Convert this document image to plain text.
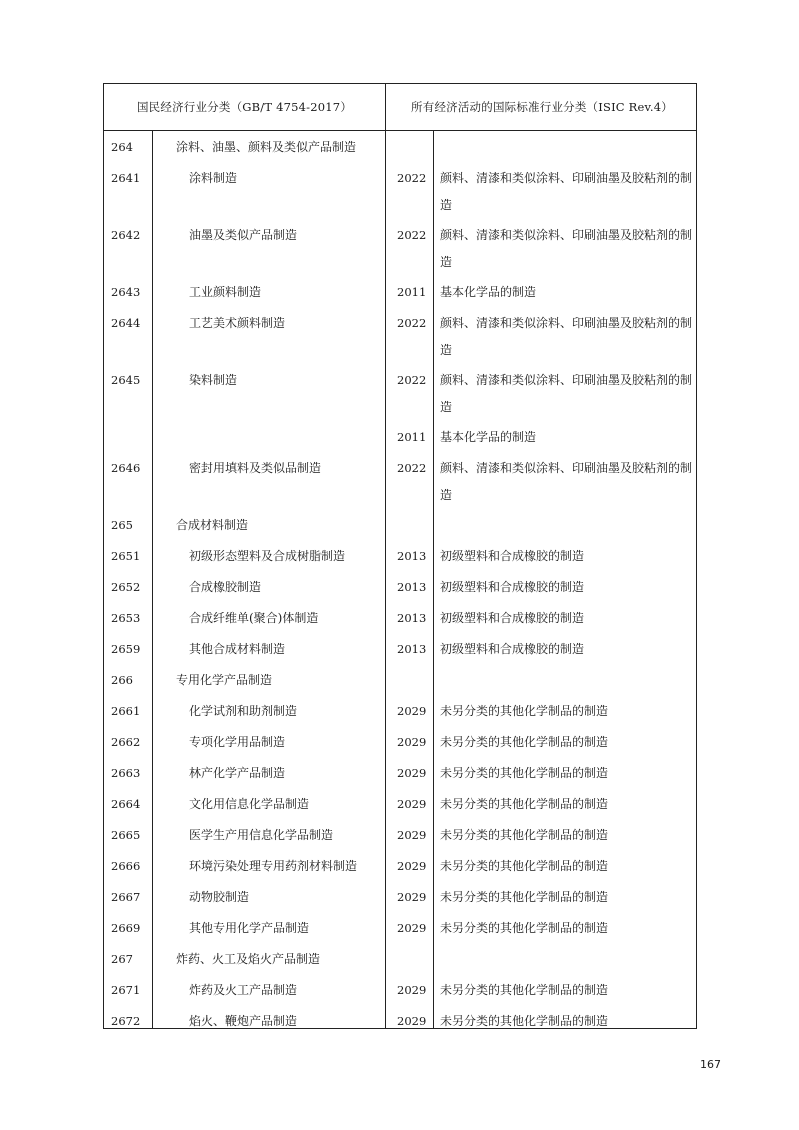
国民经济行业分类（GB/T 4754-2017）	所有经济活动的国际标准行业分类（ISIC Rev.4）
264	涂料、油墨、颜料及类似产品制造
2641	涂料制造	2022 颜料、清漆和类似涂料、印刷油墨及胶粘剂的制造
2642	油墨及类似产品制造	2022 颜料、清漆和类似涂料、印刷油墨及胶粘剂的制造
2643	工业颜料制造	2011 基本化学品的制造
2644	工艺美术颜料制造	2022 颜料、清漆和类似涂料、印刷油墨及胶粘剂的制造
2645	染料制造	2022 颜料、清漆和类似涂料、印刷油墨及胶粘剂的制造
2011 基本化学品的制造
2646	密封用填料及类似品制造	2022 颜料、清漆和类似涂料、印刷油墨及胶粘剂的制造
265	合成材料制造
2651	初级形态塑料及合成树脂制造	2013 初级塑料和合成橡胶的制造
2652	合成橡胶制造	2013 初级塑料和合成橡胶的制造
2653	合成纤维单(聚合)体制造	2013 初级塑料和合成橡胶的制造
2659	其他合成材料制造	2013 初级塑料和合成橡胶的制造
266	专用化学产品制造
2661	化学试剂和助剂制造	2029 未另分类的其他化学制品的制造
2662	专项化学用品制造	2029 未另分类的其他化学制品的制造
2663	林产化学产品制造	2029 未另分类的其他化学制品的制造
2664	文化用信息化学品制造	2029 未另分类的其他化学制品的制造
2665	医学生产用信息化学品制造	2029 未另分类的其他化学制品的制造
2666	环境污染处理专用药剂材料制造	2029 未另分类的其他化学制品的制造
2667	动物胶制造	2029 未另分类的其他化学制品的制造
2669	其他专用化学产品制造	2029 未另分类的其他化学制品的制造
267	炸药、火工及焰火产品制造
2671	炸药及火工产品制造	2029 未另分类的其他化学制品的制造
2672	焰火、鞭炮产品制造	2029 未另分类的其他化学制品的制造
167
